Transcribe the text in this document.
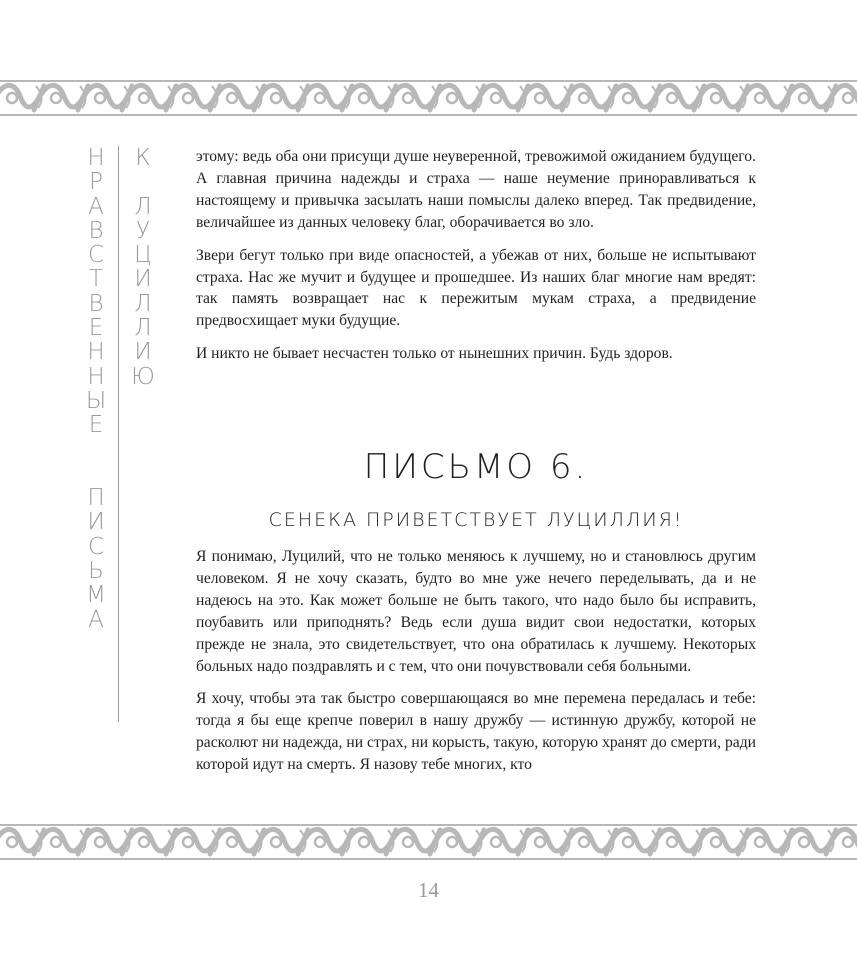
Н
Р
А
В
С
Т
В
Е
Н
Н
Ы
Е
П
И
С
Ь
М
А
К
Л
У
Ц
И
Л
Л
И
Ю

этому: ведь оба они присущи душе неуверенной, тревожимой ожиданием будущего. А главная причина надежды и страха — наше неумение приноравливаться к настоящему и привычка засылать наши помыслы далеко вперед. Так предвидение, величайшее из данных человеку благ, оборачивается во зло.

Звери бегут только при виде опасностей, а убежав от них, больше не испытывают страха. Нас же мучит и будущее и прошедшее. Из наших благ многие нам вредят: так память возвращает нас к пережитым мукам страха, а предвидение предвосхищает муки будущие.

И никто не бывает несчастен только от нынешних причин. Будь здоров.

ПИСЬМО 6.
СЕНЕКА ПРИВЕТСТВУЕТ ЛУЦИЛЛИЯ!

Я понимаю, Луцилий, что не только меняюсь к лучшему, но и становлюсь другим человеком. Я не хочу сказать, будто во мне уже нечего переделывать, да и не надеюсь на это. Как может больше не быть такого, что надо было бы исправить, поубавить или приподнять? Ведь если душа видит свои недостатки, которых прежде не знала, это свидетельствует, что она обратилась к лучшему. Некоторых больных надо поздравлять и с тем, что они почувствовали себя больными.

Я хочу, чтобы эта так быстро совершающаяся во мне перемена передалась и тебе: тогда я бы еще крепче поверил в нашу дружбу — истинную дружбу, которой не расколют ни надежда, ни страх, ни корысть, такую, которую хранят до смерти, ради которой идут на смерть. Я назову тебе многих, кто

14
